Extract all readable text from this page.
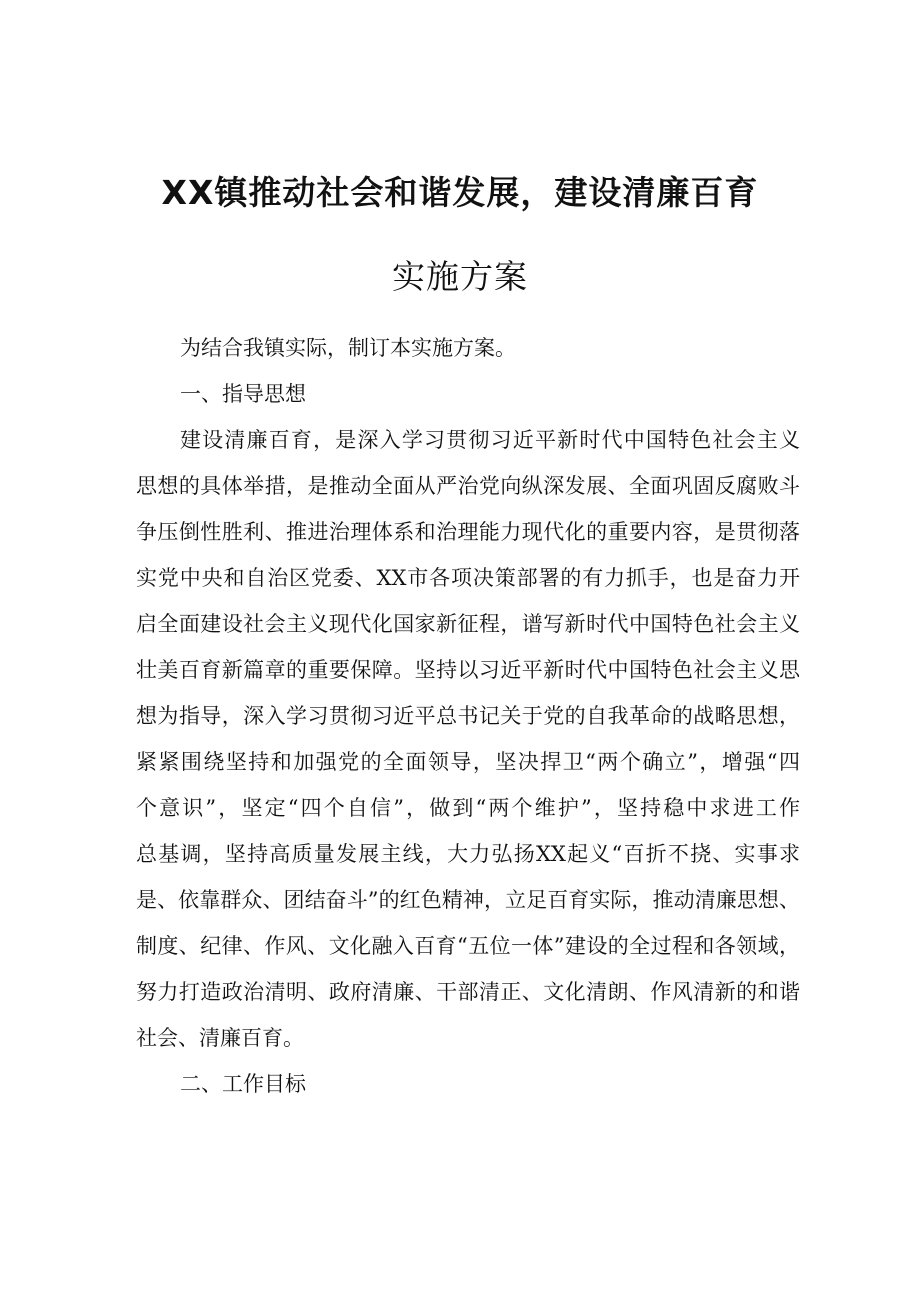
XX镇推动社会和谐发展，建设清廉百育
实施方案
为结合我镇实际，制订本实施方案。
一、指导思想
建设清廉百育，是深入学习贯彻习近平新时代中国特色社会主义
思想的具体举措，是推动全面从严治党向纵深发展、全面巩固反腐败斗
争压倒性胜利、推进治理体系和治理能力现代化的重要内容，是贯彻落
实党中央和自治区党委、XX市各项决策部署的有力抓手，也是奋力开
启全面建设社会主义现代化国家新征程，谱写新时代中国特色社会主义
壮美百育新篇章的重要保障。坚持以习近平新时代中国特色社会主义思
想为指导，深入学习贯彻习近平总书记关于党的自我革命的战略思想，
紧紧围绕坚持和加强党的全面领导，坚决捍卫“两个确立”，增强“四
个意识”，坚定“四个自信”，做到“两个维护”，坚持稳中求进工作
总基调，坚持高质量发展主线，大力弘扬XX起义“百折不挠、实事求
是、依靠群众、团结奋斗”的红色精神，立足百育实际，推动清廉思想、
制度、纪律、作风、文化融入百育“五位一体”建设的全过程和各领域，
努力打造政治清明、政府清廉、干部清正、文化清朗、作风清新的和谐
社会、清廉百育。
二、工作目标
